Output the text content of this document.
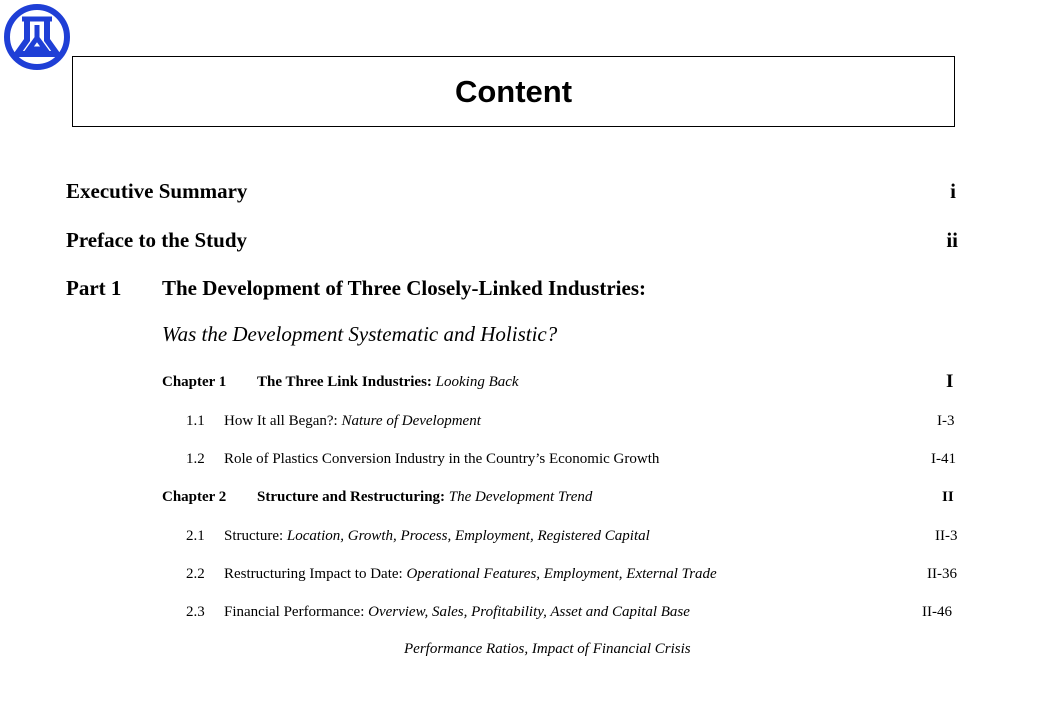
Content
Executive Summary	i
Preface to the Study	ii
Part 1 The Development of Three Closely-Linked Industries:
Was the Development Systematic and Holistic?
Chapter 1 The Three Link Industries: Looking Back	I
1.1 How It all Began?: Nature of Development	I-3
1.2 Role of Plastics Conversion Industry in the Country’s Economic Growth	I-41
Chapter 2 Structure and Restructuring: The Development Trend	II
2.1 Structure: Location, Growth, Process, Employment, Registered Capital	II-3
2.2 Restructuring Impact to Date: Operational Features, Employment, External Trade	II-36
2.3 Financial Performance: Overview, Sales, Profitability, Asset and Capital Base	II-46
Performance Ratios, Impact of Financial Crisis
